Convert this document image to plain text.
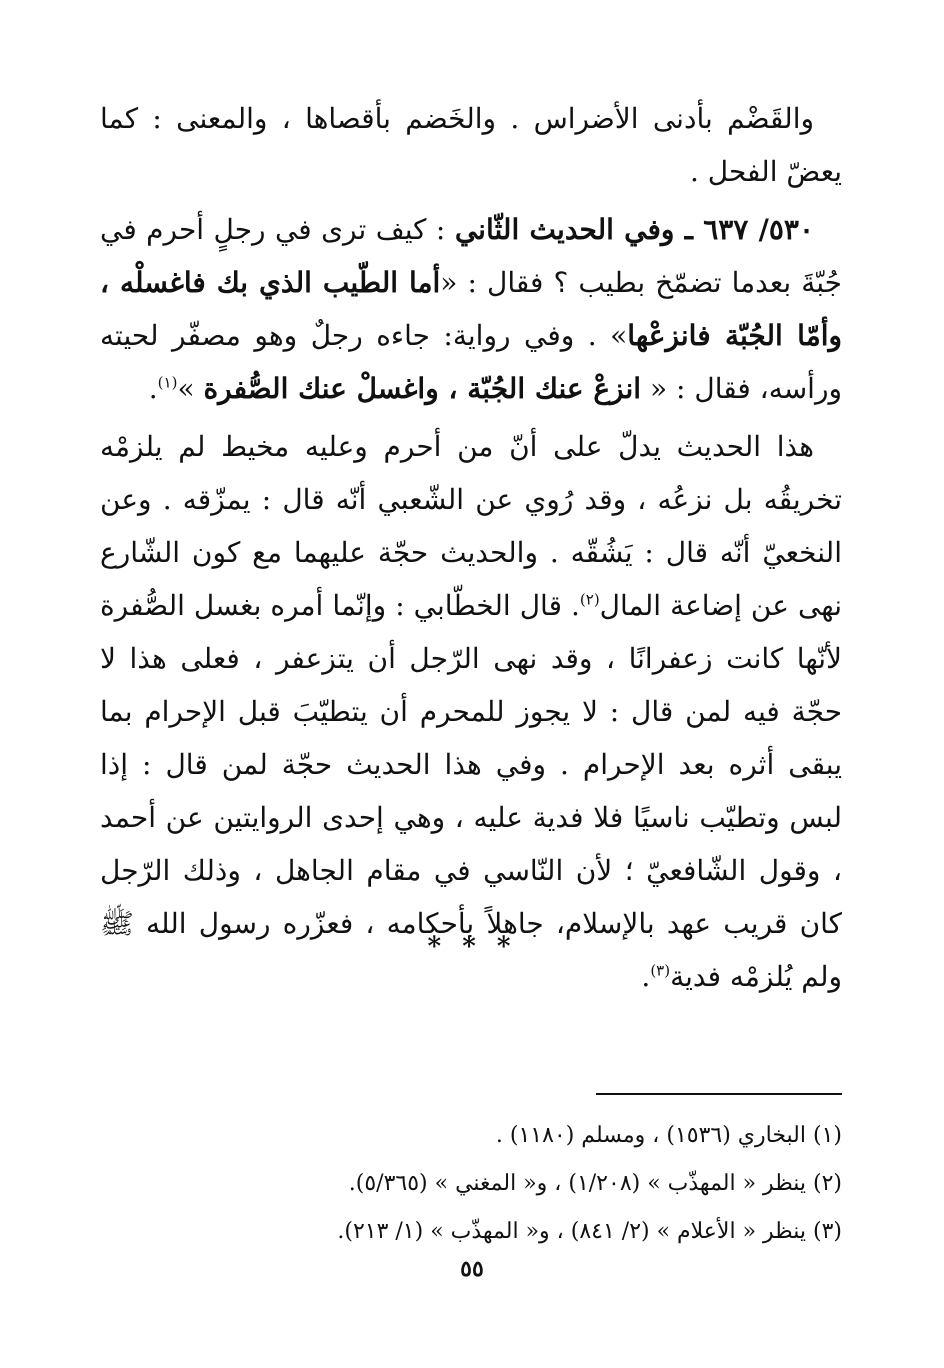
والقَضْم بأدنى الأضراس . والخَضم بأقصاها ، والمعنى : كما يعضّ الفحل .

٥٣٠/ ٦٣٧ ـ وفي الحديث الثّاني : كيف ترى في رجلٍ أحرم في جُبّةَ بعدما تضمّخ بطيب ؟ فقال : «أما الطّيب الذي بك فاغسلْه ، وأمّا الجُبّة فانزعْها» . وفي رواية: جاءه رجلٌ وهو مصفّر لحيته ورأسه، فقال : « انزعْ عنك الجُبّة ، واغسلْ عنك الصُّفرة »$^{(١)}$.

هذا الحديث يدلّ على أنّ من أحرم وعليه مخيط لم يلزمْه تخريقُه بل نزعُه ، وقد رُوي عن الشّعبي أنّه قال : يمزّقه . وعن النخعيّ أنّه قال : يَشُقّه . والحديث حجّة عليهما مع كون الشّارع نهى عن إضاعة المال$^{(٢)}$. قال الخطّابي : وإنّما أمره بغسل الصُّفرة لأنّها كانت زعفرانًا ، وقد نهى الرّجل أن يتزعفر ، فعلى هذا لا حجّة فيه لمن قال : لا يجوز للمحرم أن يتطيّبَ قبل الإحرام بما يبقى أثره بعد الإحرام . وفي هذا الحديث حجّة لمن قال : إذا لبس وتطيّب ناسيًا فلا فدية عليه ، وهي إحدى الروايتين عن أحمد ، وقول الشّافعيّ ؛ لأن النّاسي في مقام الجاهل ، وذلك الرّجل كان قريب عهد بالإسلام، جاهلاً بأحكامه ، فعزّره رسول الله ﷺ ولم يُلزمْه فدية$^{(٣)}$.

* * *

(١) البخاري (١٥٣٦) ، ومسلم (١١٨٠) .

(٢) ينظر « المهذّب » (١/٢٠٨) ، و« المغني » (٥/٣٦٥).

(٣) ينظر « الأعلام » (٢/ ٨٤١) ، و« المهذّب » (١/ ٢١٣).

٥٥
